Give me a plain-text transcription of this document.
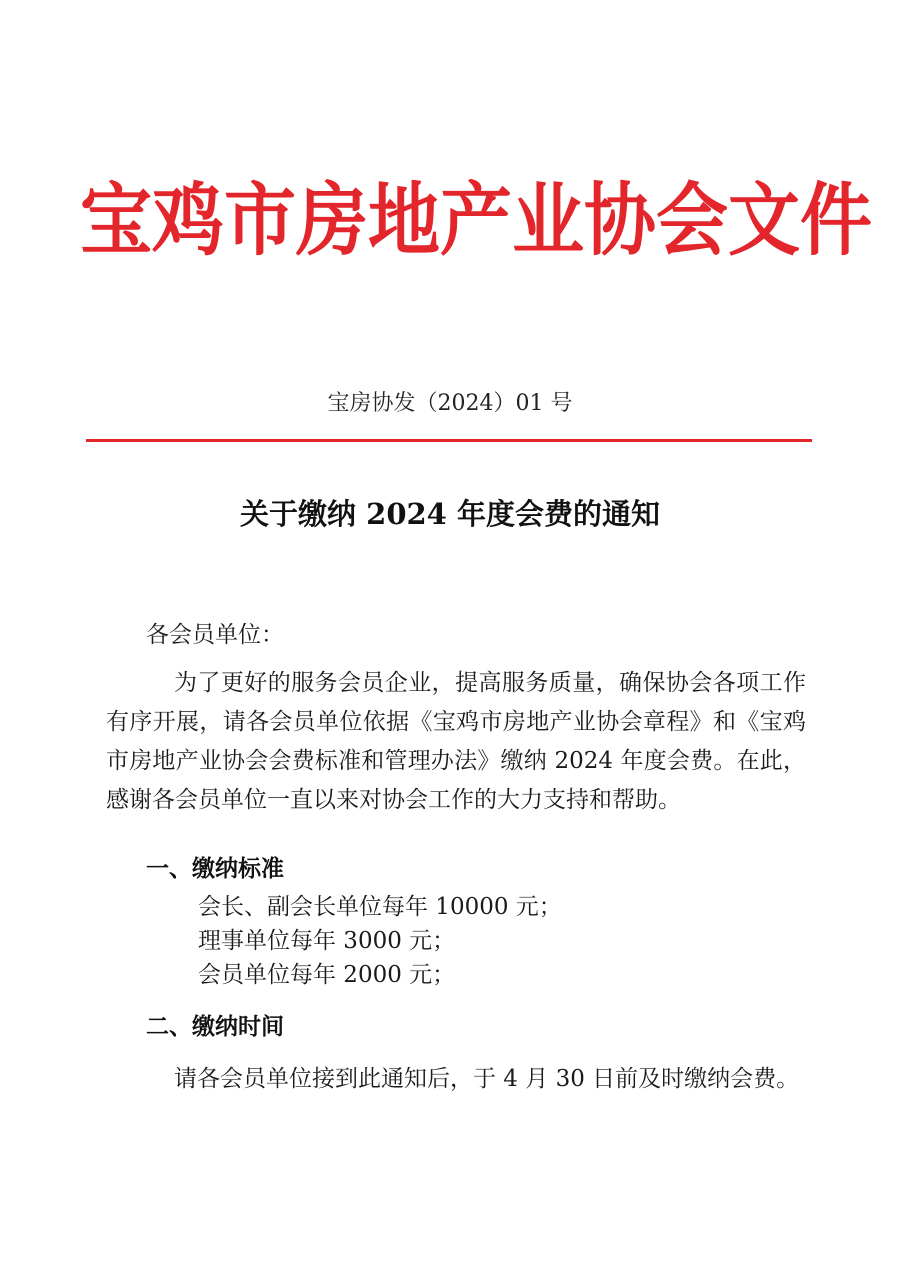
宝鸡市房地产业协会文件
宝房协发（2024）01 号
关于缴纳 2024 年度会费的通知
各会员单位：
为了更好的服务会员企业，提高服务质量，确保协会各项工作有序开展，请各会员单位依据《宝鸡市房地产业协会章程》和《宝鸡市房地产业协会会费标准和管理办法》缴纳 2024 年度会费。在此，感谢各会员单位一直以来对协会工作的大力支持和帮助。
一、缴纳标准
会长、副会长单位每年 10000 元；
理事单位每年 3000 元；
会员单位每年 2000 元；
二、缴纳时间
请各会员单位接到此通知后，于 4 月 30 日前及时缴纳会费。
